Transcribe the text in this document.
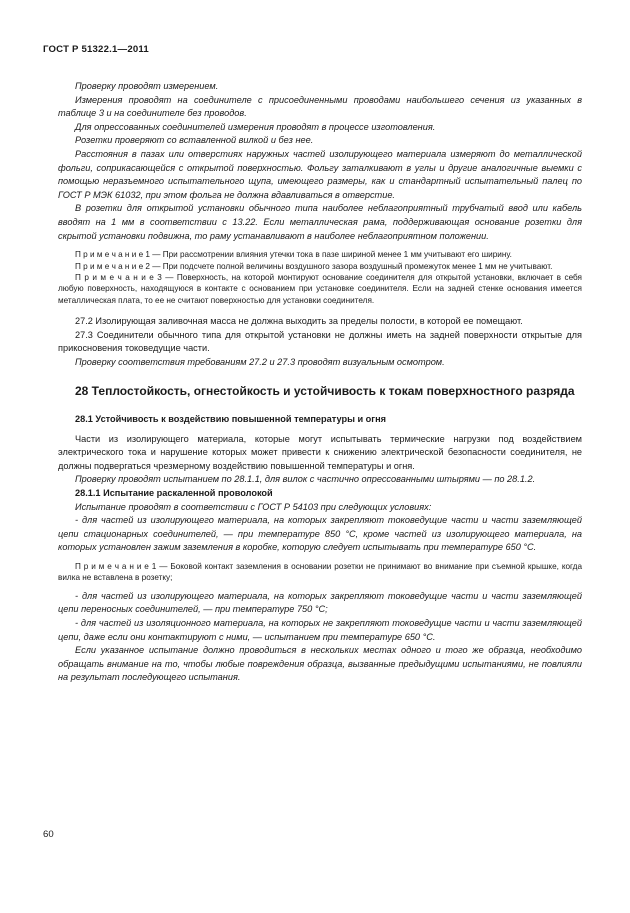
ГОСТ Р 51322.1—2011

Проверку проводят измерением.

Измерения проводят на соединителе с присоединенными проводами наибольшего сечения из указанных в таблице 3 и на соединителе без проводов.

Для опрессованных соединителей измерения проводят в процессе изготовления.

Розетки проверяют со вставленной вилкой и без нее.

Расстояния в пазах или отверстиях наружных частей изолирующего материала измеряют до металлической фольги, соприкасающейся с открытой поверхностью. Фольгу заталкивают в углы и другие аналогичные выемки с помощью неразъемного испытательного щупа, имеющего размеры, как и стандартный испытательный палец по ГОСТ Р МЭК 61032, при этом фольга не должна вдавливаться в отверстие.

В розетки для открытой установки обычного типа наиболее неблагоприятный трубчатый ввод или кабель вводят на 1 мм в соответствии с 13.22. Если металлическая рама, поддерживающая основание розетки для скрытой установки подвижна, то раму устанавливают в наиболее неблагоприятном положении.

П р и м е ч а н и е 1 — При рассмотрении влияния утечки тока в пазе шириной менее 1 мм учитывают его ширину.

П р и м е ч а н и е 2 — При подсчете полной величины воздушного зазора воздушный промежуток менее 1 мм не учитывают.

П р и м е ч а н и е 3 — Поверхность, на которой монтируют основание соединителя для открытой установки, включает в себя любую поверхность, находящуюся в контакте с основанием при установке соединителя. Если на задней стенке основания имеется металлическая плата, то ее не считают поверхностью для установки соединителя.

27.2 Изолирующая заливочная масса не должна выходить за пределы полости, в которой ее помещают.

27.3 Соединители обычного типа для открытой установки не должны иметь на задней поверхности открытые для прикосновения токоведущие части.

Проверку соответствия требованиям 27.2 и 27.3 проводят визуальным осмотром.

28 Теплостойкость, огнестойкость и устойчивость к токам поверхностного разряда

28.1 Устойчивость к воздействию повышенной температуры и огня

Части из изолирующего материала, которые могут испытывать термические нагрузки под воздействием электрического тока и нарушение которых может привести к снижению электрической безопасности соединителя, не должны подвергаться чрезмерному воздействию повышенной температуры и огня.

Проверку проводят испытанием по 28.1.1, для вилок с частично опрессованными штырями — по 28.1.2.

28.1.1 Испытание раскаленной проволокой

Испытание проводят в соответствии с ГОСТ Р 54103 при следующих условиях:

- для частей из изолирующего материала, на которых закрепляют токоведущие части и части заземляющей цепи стационарных соединителей, — при температуре 850 °С, кроме частей из изолирующего материала, на которых установлен зажим заземления в коробке, которую следует испытывать при температуре 650 °С.

П р и м е ч а н и е 1 — Боковой контакт заземления в основании розетки не принимают во внимание при съемной крышке, когда вилка не вставлена в розетку;

- для частей из изолирующего материала, на которых закрепляют токоведущие части и части заземляющей цепи переносных соединителей, — при температуре 750 °С;

- для частей из изоляционного материала, на которых не закрепляют токоведущие части и части заземляющей цепи, даже если они контактируют с ними, — испытанием при температуре 650 °С.

Если указанное испытание должно проводиться в нескольких местах одного и того же образца, необходимо обращать внимание на то, чтобы любые повреждения образца, вызванные предыдущими испытаниями, не повлияли на результат последующего испытания.

60
